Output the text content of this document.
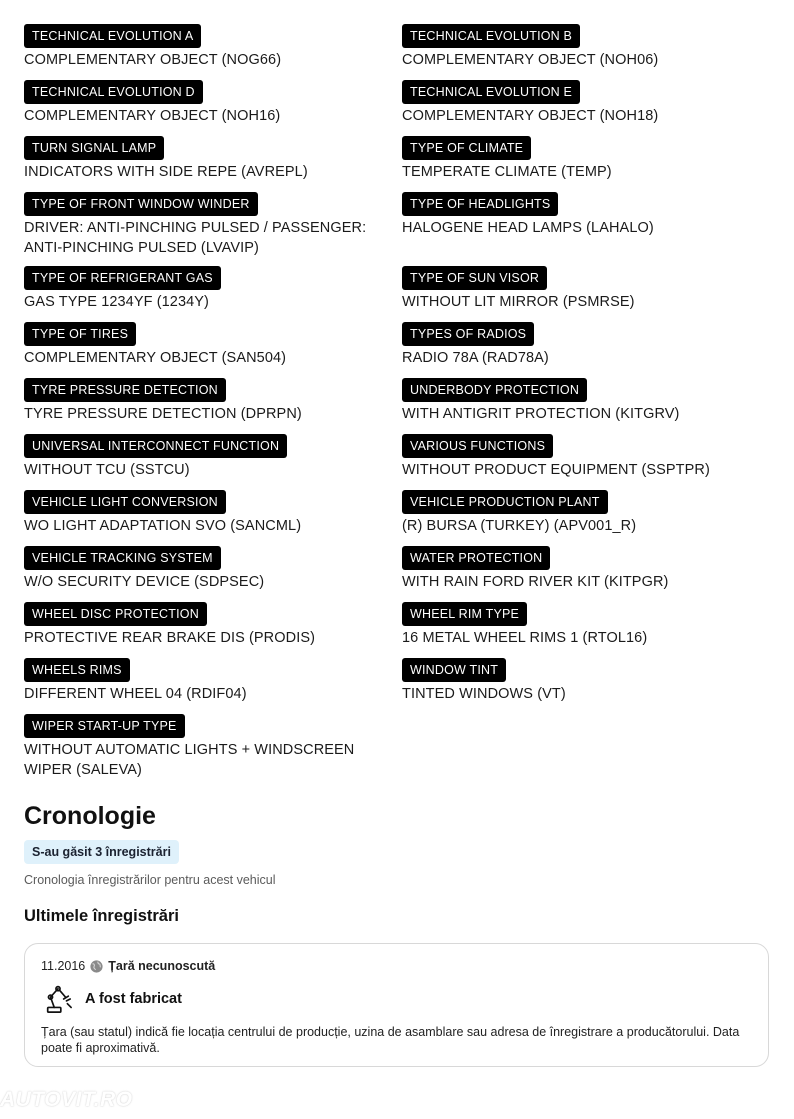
TECHNICAL EVOLUTION A
COMPLEMENTARY OBJECT (NOG66)
TECHNICAL EVOLUTION B
COMPLEMENTARY OBJECT (NOH06)
TECHNICAL EVOLUTION D
COMPLEMENTARY OBJECT (NOH16)
TECHNICAL EVOLUTION E
COMPLEMENTARY OBJECT (NOH18)
TURN SIGNAL LAMP
INDICATORS WITH SIDE REPE (AVREPL)
TYPE OF CLIMATE
TEMPERATE CLIMATE (TEMP)
TYPE OF FRONT WINDOW WINDER
DRIVER: ANTI-PINCHING PULSED / PASSENGER: ANTI-PINCHING PULSED (LVAVIP)
TYPE OF HEADLIGHTS
HALOGENE HEAD LAMPS (LAHALO)
TYPE OF REFRIGERANT GAS
GAS TYPE 1234YF (1234Y)
TYPE OF SUN VISOR
WITHOUT LIT MIRROR (PSMRSE)
TYPE OF TIRES
COMPLEMENTARY OBJECT (SAN504)
TYPES OF RADIOS
RADIO 78A (RAD78A)
TYRE PRESSURE DETECTION
TYRE PRESSURE DETECTION (DPRPN)
UNDERBODY PROTECTION
WITH ANTIGRIT PROTECTION (KITGRV)
UNIVERSAL INTERCONNECT FUNCTION
WITHOUT TCU (SSTCU)
VARIOUS FUNCTIONS
WITHOUT PRODUCT EQUIPMENT (SSPTPR)
VEHICLE LIGHT CONVERSION
WO LIGHT ADAPTATION SVO (SANCML)
VEHICLE PRODUCTION PLANT
(R) BURSA (TURKEY) (APV001_R)
VEHICLE TRACKING SYSTEM
W/O SECURITY DEVICE (SDPSEC)
WATER PROTECTION
WITH RAIN FORD RIVER KIT (KITPGR)
WHEEL DISC PROTECTION
PROTECTIVE REAR BRAKE DIS (PRODIS)
WHEEL RIM TYPE
16 METAL WHEEL RIMS 1 (RTOL16)
WHEELS RIMS
DIFFERENT WHEEL 04 (RDIF04)
WINDOW TINT
TINTED WINDOWS (VT)
WIPER START-UP TYPE
WITHOUT AUTOMATIC LIGHTS + WINDSCREEN WIPER (SALEVA)
Cronologie
S-au găsit 3 înregistrări
Cronologia înregistrărilor pentru acest vehicul
Ultimele înregistrări
11.2016 Țară necunoscută
A fost fabricat
Țara (sau statul) indică fie locația centrului de producție, uzina de asamblare sau adresa de înregistrare a producătorului. Data poate fi aproximativă.
AUTOVIT.RO
